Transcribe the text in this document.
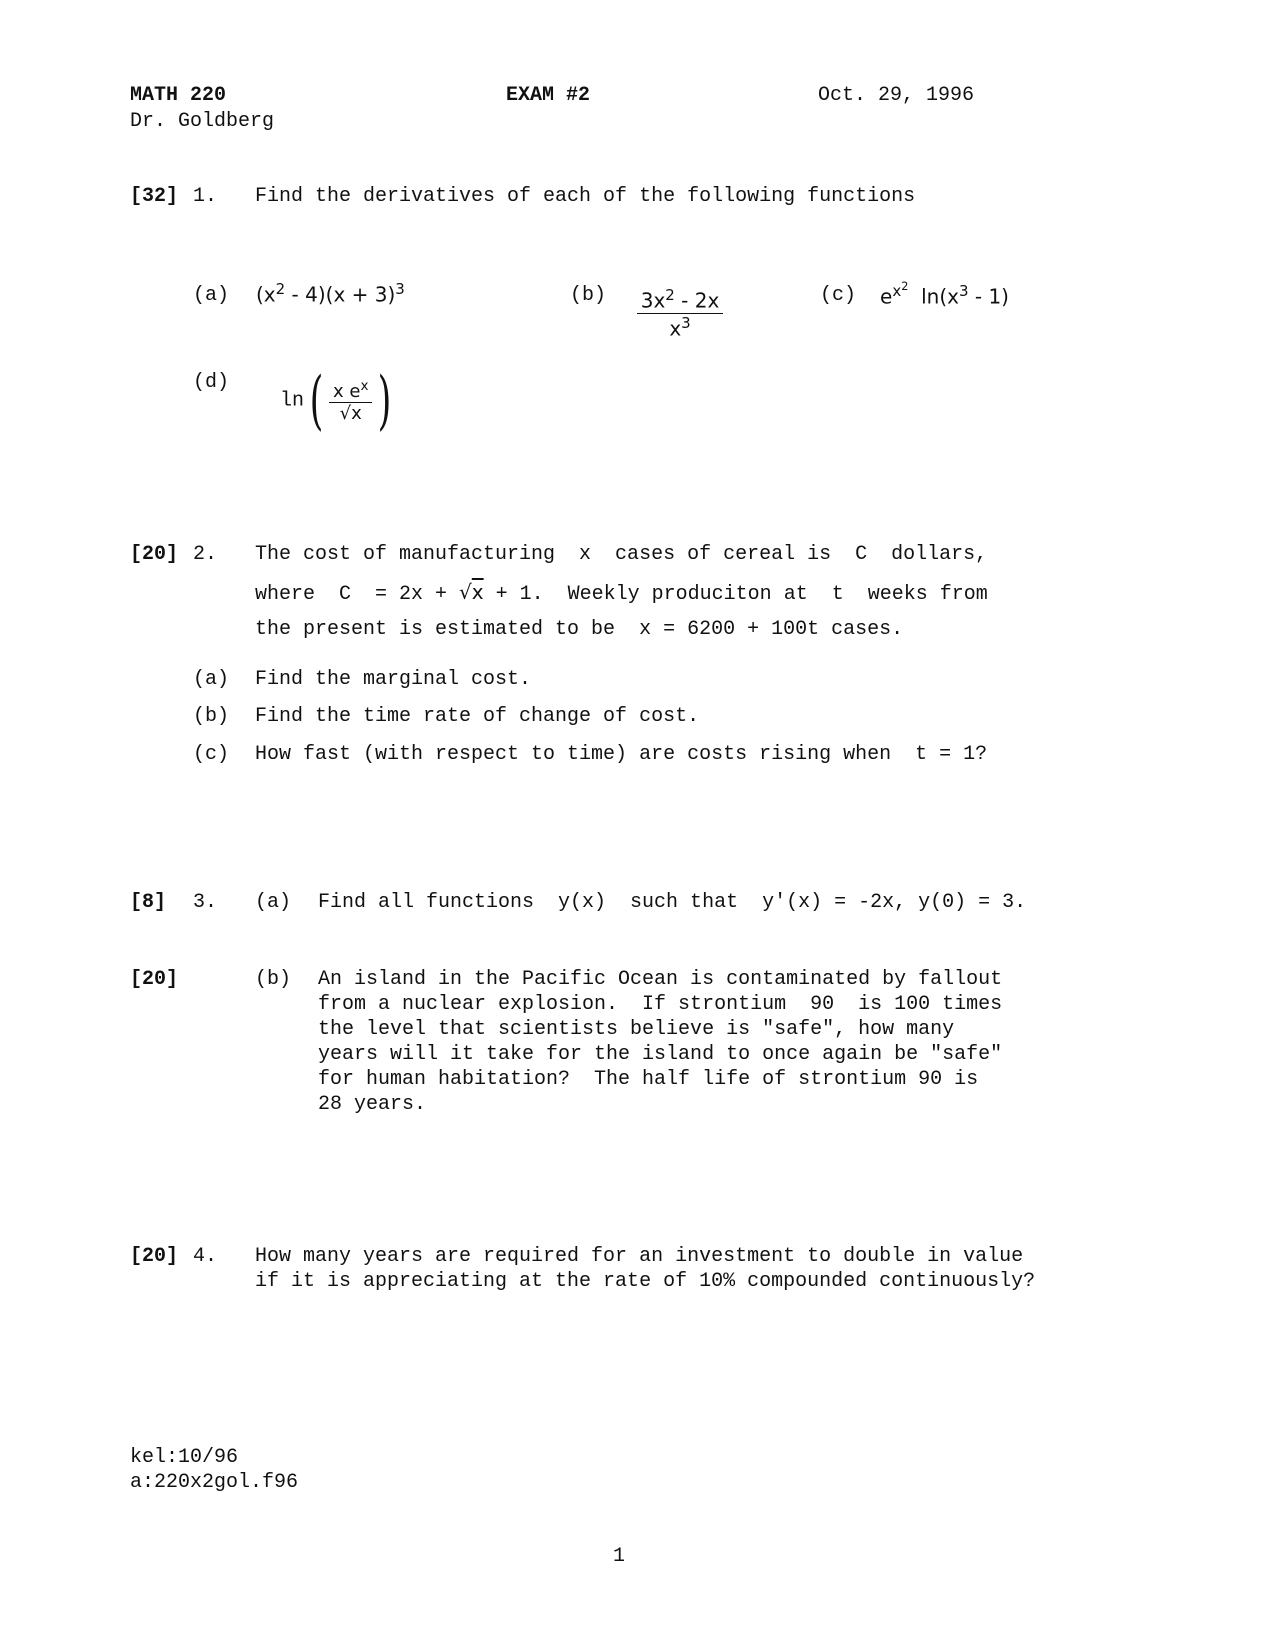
MATH 220	EXAM #2	Oct. 29, 1996
Dr. Goldberg
[32] 1. Find the derivatives of each of the following functions
(a) $(x^2 - 4)(x + 3)^3$	(b)

$\frac{3x^2 - 2x}{x^3}$	(c) $e^{x^2}$ $\ln(x^3 - 1)$
(d)

$\ln( \frac{x e^x}{√x}$ )

[20] 2. The cost of manufacturing  x  cases of cereal is  C  dollars,
where  C  = 2x + √x + 1.  Weekly produciton at  t  weeks from
the present is estimated to be  x = 6200 + 100t cases.
(a) Find the marginal cost.
(b) Find the time rate of change of cost.
(c) How fast (with respect to time) are costs rising when  t = 1?
[8] 3. (a) Find all functions  y(x)  such that  y'(x) = -2x, y(0) = 3.
[20]	(b) An island in the Pacific Ocean is contaminated by fallout
from a nuclear explosion.  If strontium  90  is 100 times
the level that scientists believe is "safe", how many
years will it take for the island to once again be "safe"
for human habitation?  The half life of strontium 90 is
28 years.
[20] 4. How many years are required for an investment to double in value
if it is appreciating at the rate of 10% compounded continuously?
kel:10/96
a:220x2gol.f96
1
